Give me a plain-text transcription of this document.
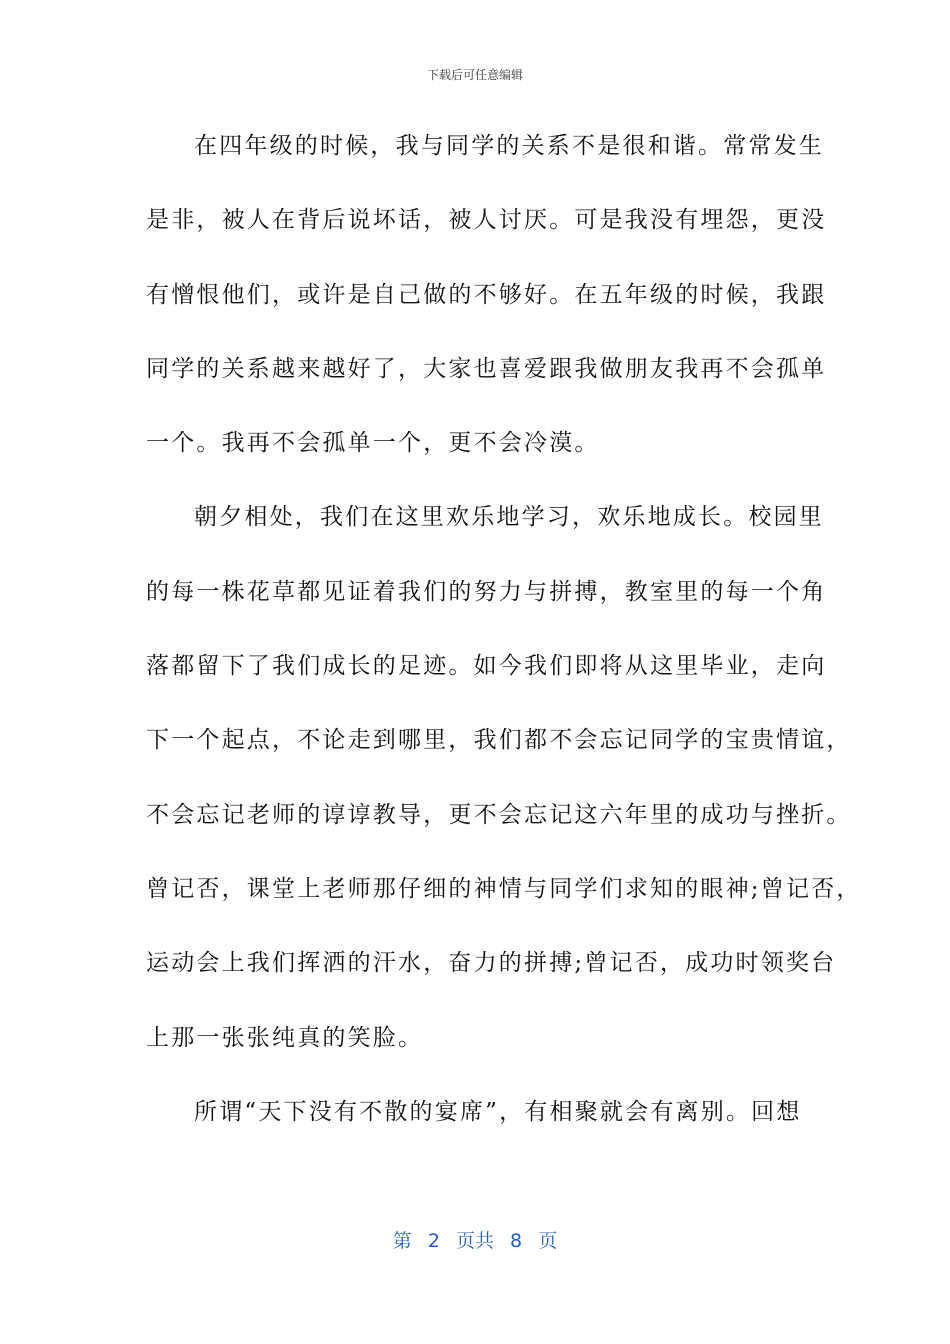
下载后可任意编辑
在四年级的时候，我与同学的关系不是很和谐。常常发生
是非，被人在背后说坏话，被人讨厌。可是我没有埋怨，更没
有憎恨他们，或许是自己做的不够好。在五年级的时候，我跟
同学的关系越来越好了，大家也喜爱跟我做朋友我再不会孤单
一个。我再不会孤单一个，更不会冷漠。
朝夕相处，我们在这里欢乐地学习，欢乐地成长。校园里
的每一株花草都见证着我们的努力与拼搏，教室里的每一个角
落都留下了我们成长的足迹。如今我们即将从这里毕业，走向
下一个起点，不论走到哪里，我们都不会忘记同学的宝贵情谊，
不会忘记老师的谆谆教导，更不会忘记这六年里的成功与挫折。
曾记否，课堂上老师那仔细的神情与同学们求知的眼神;曾记否，
运动会上我们挥洒的汗水，奋力的拼搏;曾记否，成功时领奖台
上那一张张纯真的笑脸。
所谓“天下没有不散的宴席”，有相聚就会有离别。回想
第 2 页共 8 页
